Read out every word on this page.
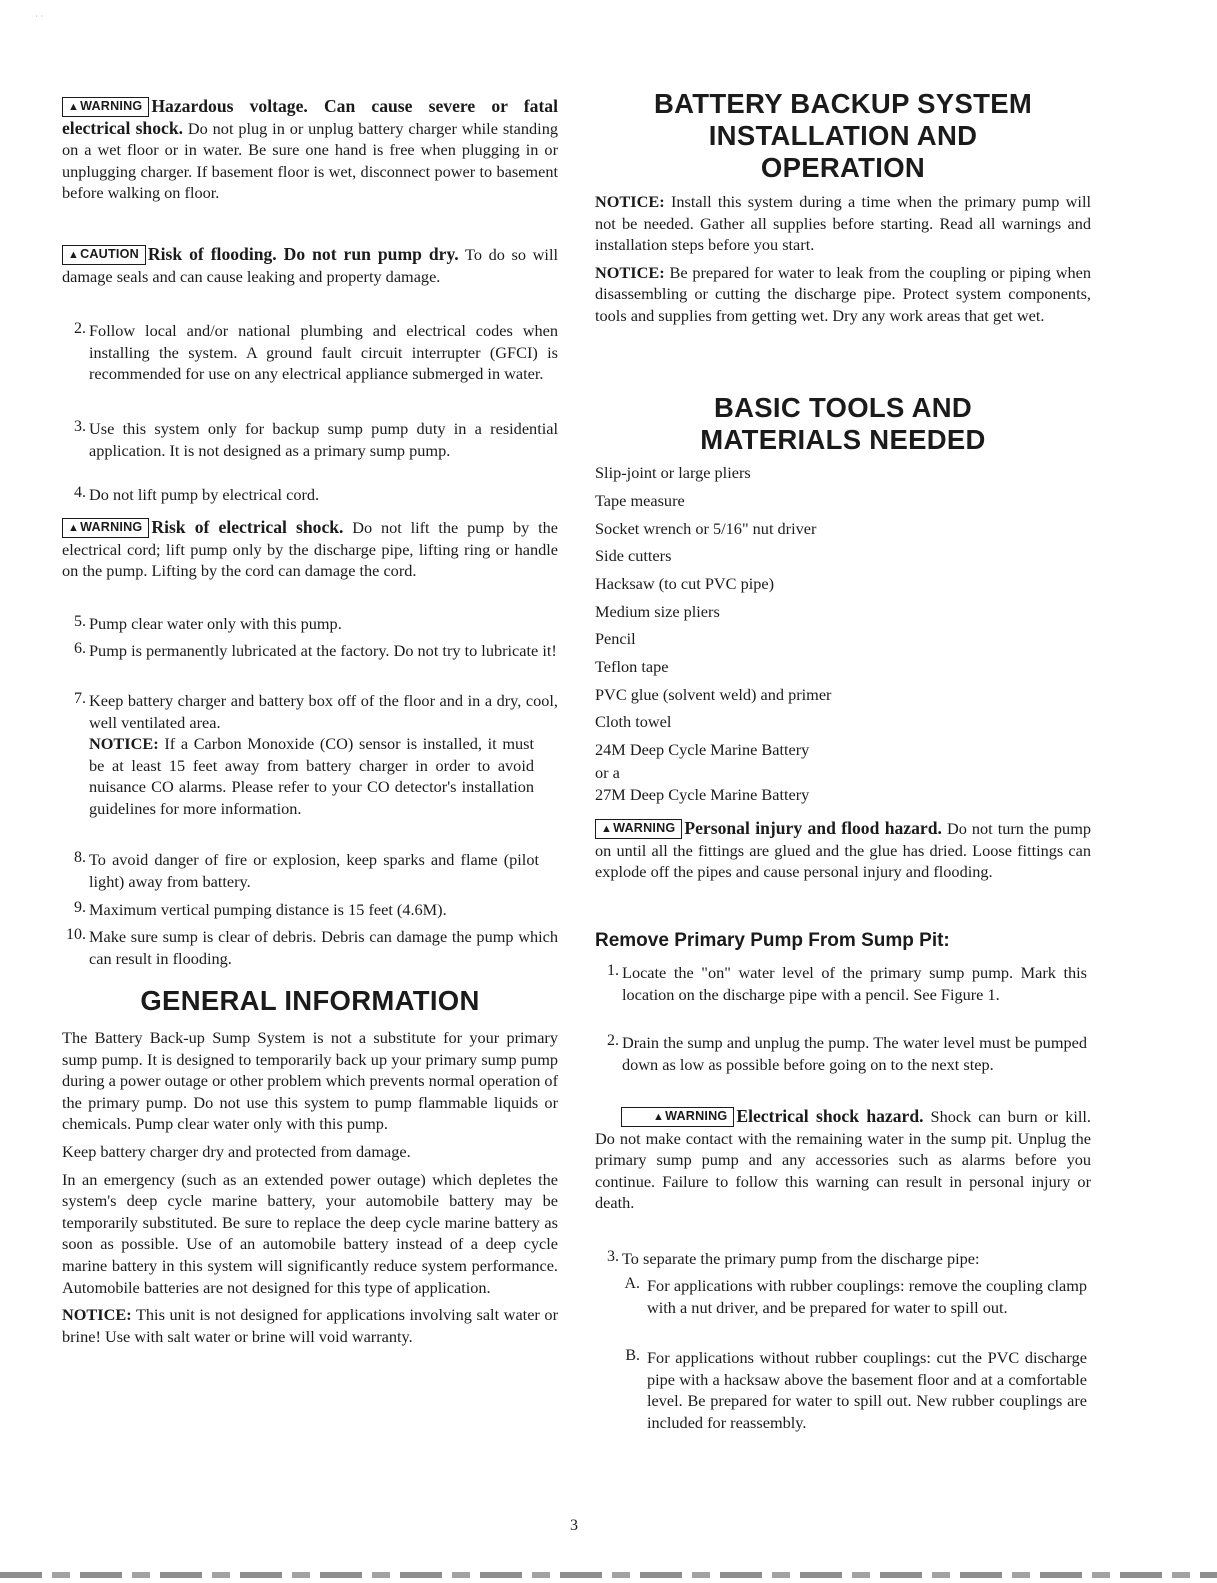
˙ ˙

▲WARNING Hazardous voltage. Can cause severe or fatal electrical shock. Do not plug in or unplug battery charger while standing on a wet floor or in water. Be sure one hand is free when plugging in or unplugging charger. If basement floor is wet, disconnect power to basement before walking on floor.

▲CAUTION Risk of flooding. Do not run pump dry. To do so will damage seals and can cause leaking and property damage.

2. Follow local and/or national plumbing and electrical codes when installing the system. A ground fault circuit interrupter (GFCI) is recommended for use on any electrical appliance submerged in water.

3. Use this system only for backup sump pump duty in a residential application. It is not designed as a primary sump pump.

4. Do not lift pump by electrical cord.

▲WARNING Risk of electrical shock. Do not lift the pump by the electrical cord; lift pump only by the discharge pipe, lifting ring or handle on the pump. Lifting by the cord can damage the cord.

5. Pump clear water only with this pump.

6. Pump is permanently lubricated at the factory. Do not try to lubricate it!

7. Keep battery charger and battery box off of the floor and in a dry, cool, well ventilated area.

NOTICE: If a Carbon Monoxide (CO) sensor is installed, it must be at least 15 feet away from battery charger in order to avoid nuisance CO alarms. Please refer to your CO detector's installation guidelines for more information.

8. To avoid danger of fire or explosion, keep sparks and flame (pilot light) away from battery.

9. Maximum vertical pumping distance is 15 feet (4.6M).

10. Make sure sump is clear of debris. Debris can damage the pump which can result in flooding.

GENERAL INFORMATION

The Battery Back-up Sump System is not a substitute for your primary sump pump. It is designed to temporarily back up your primary sump pump during a power outage or other problem which prevents normal operation of the primary pump. Do not use this system to pump flammable liquids or chemicals. Pump clear water only with this pump.

Keep battery charger dry and protected from damage.

In an emergency (such as an extended power outage) which depletes the system's deep cycle marine battery, your automobile battery may be temporarily substituted. Be sure to replace the deep cycle marine battery as soon as possible. Use of an automobile battery instead of a deep cycle marine battery in this system will significantly reduce system performance. Automobile batteries are not designed for this type of application.

NOTICE: This unit is not designed for applications involving salt water or brine! Use with salt water or brine will void warranty.

BATTERY BACKUP SYSTEM
INSTALLATION AND
OPERATION

NOTICE: Install this system during a time when the primary pump will not be needed. Gather all supplies before starting. Read all warnings and installation steps before you start.

NOTICE: Be prepared for water to leak from the coupling or piping when disassembling or cutting the discharge pipe. Protect system components, tools and supplies from getting wet. Dry any work areas that get wet.

BASIC TOOLS AND
MATERIALS NEEDED
Slip-joint or large pliers
Tape measure
Socket wrench or 5/16" nut driver
Side cutters
Hacksaw (to cut PVC pipe)
Medium size pliers
Pencil
Teflon tape
PVC glue (solvent weld) and primer
Cloth towel
24M Deep Cycle Marine Battery
or a
27M Deep Cycle Marine Battery

▲WARNING Personal injury and flood hazard. Do not turn the pump on until all the fittings are glued and the glue has dried. Loose fittings can explode off the pipes and cause personal injury and flooding.

Remove Primary Pump From Sump Pit:
1. Locate the "on" water level of the primary sump pump. Mark this location on the discharge pipe with a pencil. See Figure 1.

2. Drain the sump and unplug the pump. The water level must be pumped down as low as possible before going on to the next step.

▲WARNING Electrical shock hazard. Shock can burn or kill. Do not make contact with the remaining water in the sump pit. Unplug the primary sump pump and any accessories such as alarms before you continue. Failure to follow this warning can result in personal injury or death.

3. To separate the primary pump from the discharge pipe:

A. For applications with rubber couplings: remove the coupling clamp with a nut driver, and be prepared for water to spill out.

B. For applications without rubber couplings: cut the PVC discharge pipe with a hacksaw above the basement floor and at a comfortable level. Be prepared for water to spill out. New rubber couplings are included for reassembly.

3
